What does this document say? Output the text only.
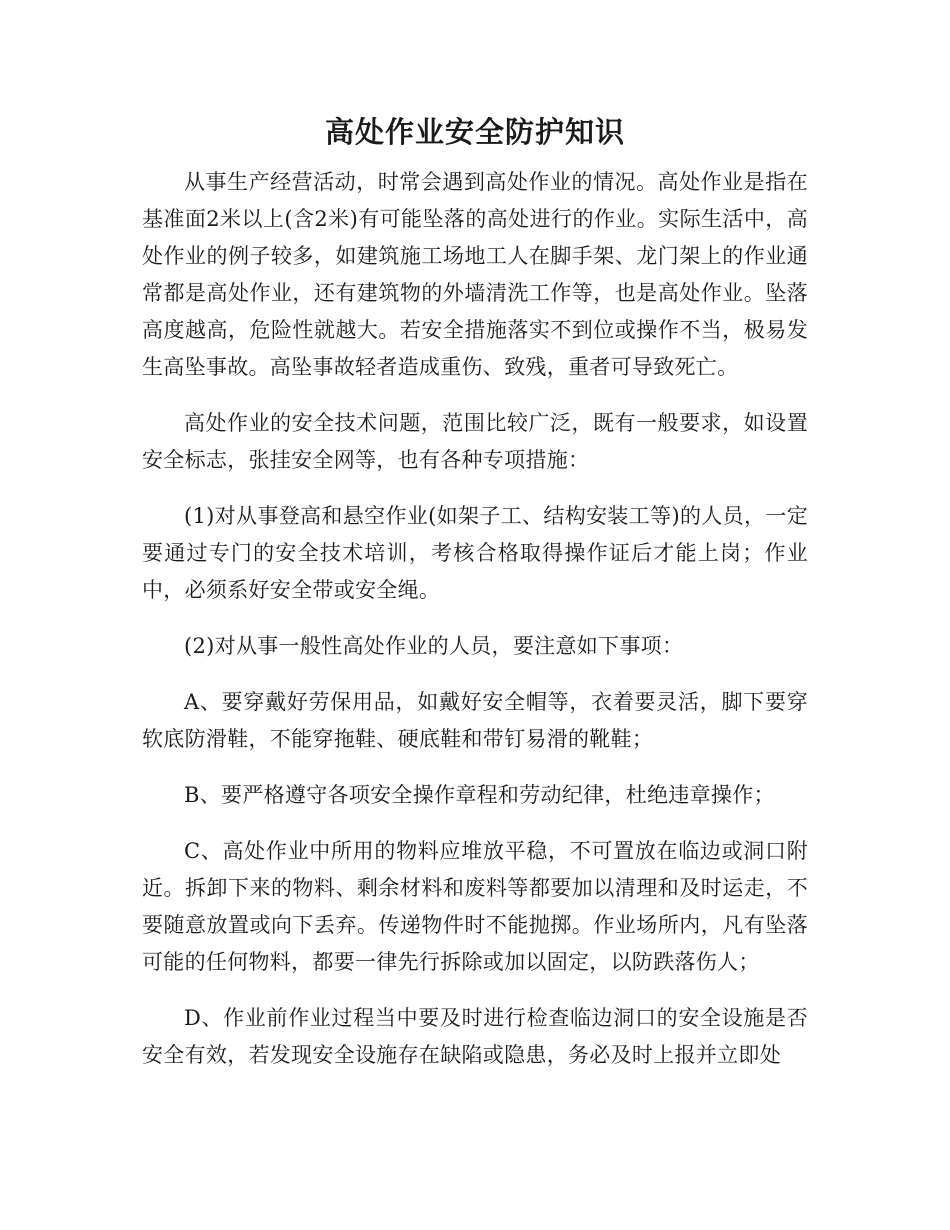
高处作业安全防护知识

从事生产经营活动，时常会遇到高处作业的情况。高处作业是指在基准面2米以上(含2米)有可能坠落的高处进行的作业。实际生活中，高处作业的例子较多，如建筑施工场地工人在脚手架、龙门架上的作业通常都是高处作业，还有建筑物的外墙清洗工作等，也是高处作业。坠落高度越高，危险性就越大。若安全措施落实不到位或操作不当，极易发生高坠事故。高坠事故轻者造成重伤、致残，重者可导致死亡。

高处作业的安全技术问题，范围比较广泛，既有一般要求，如设置安全标志，张挂安全网等，也有各种专项措施：

(1)对从事登高和悬空作业(如架子工、结构安装工等)的人员，一定要通过专门的安全技术培训，考核合格取得操作证后才能上岗；作业中，必须系好安全带或安全绳。

(2)对从事一般性高处作业的人员，要注意如下事项：

A、要穿戴好劳保用品，如戴好安全帽等，衣着要灵活，脚下要穿软底防滑鞋，不能穿拖鞋、硬底鞋和带钉易滑的靴鞋；

B、要严格遵守各项安全操作章程和劳动纪律，杜绝违章操作；

C、高处作业中所用的物料应堆放平稳，不可置放在临边或洞口附近。拆卸下来的物料、剩余材料和废料等都要加以清理和及时运走，不要随意放置或向下丢弃。传递物件时不能抛掷。作业场所内，凡有坠落可能的任何物料，都要一律先行拆除或加以固定，以防跌落伤人；

D、作业前作业过程当中要及时进行检查临边洞口的安全设施是否安全有效，若发现安全设施存在缺陷或隐患，务必及时上报并立即处
